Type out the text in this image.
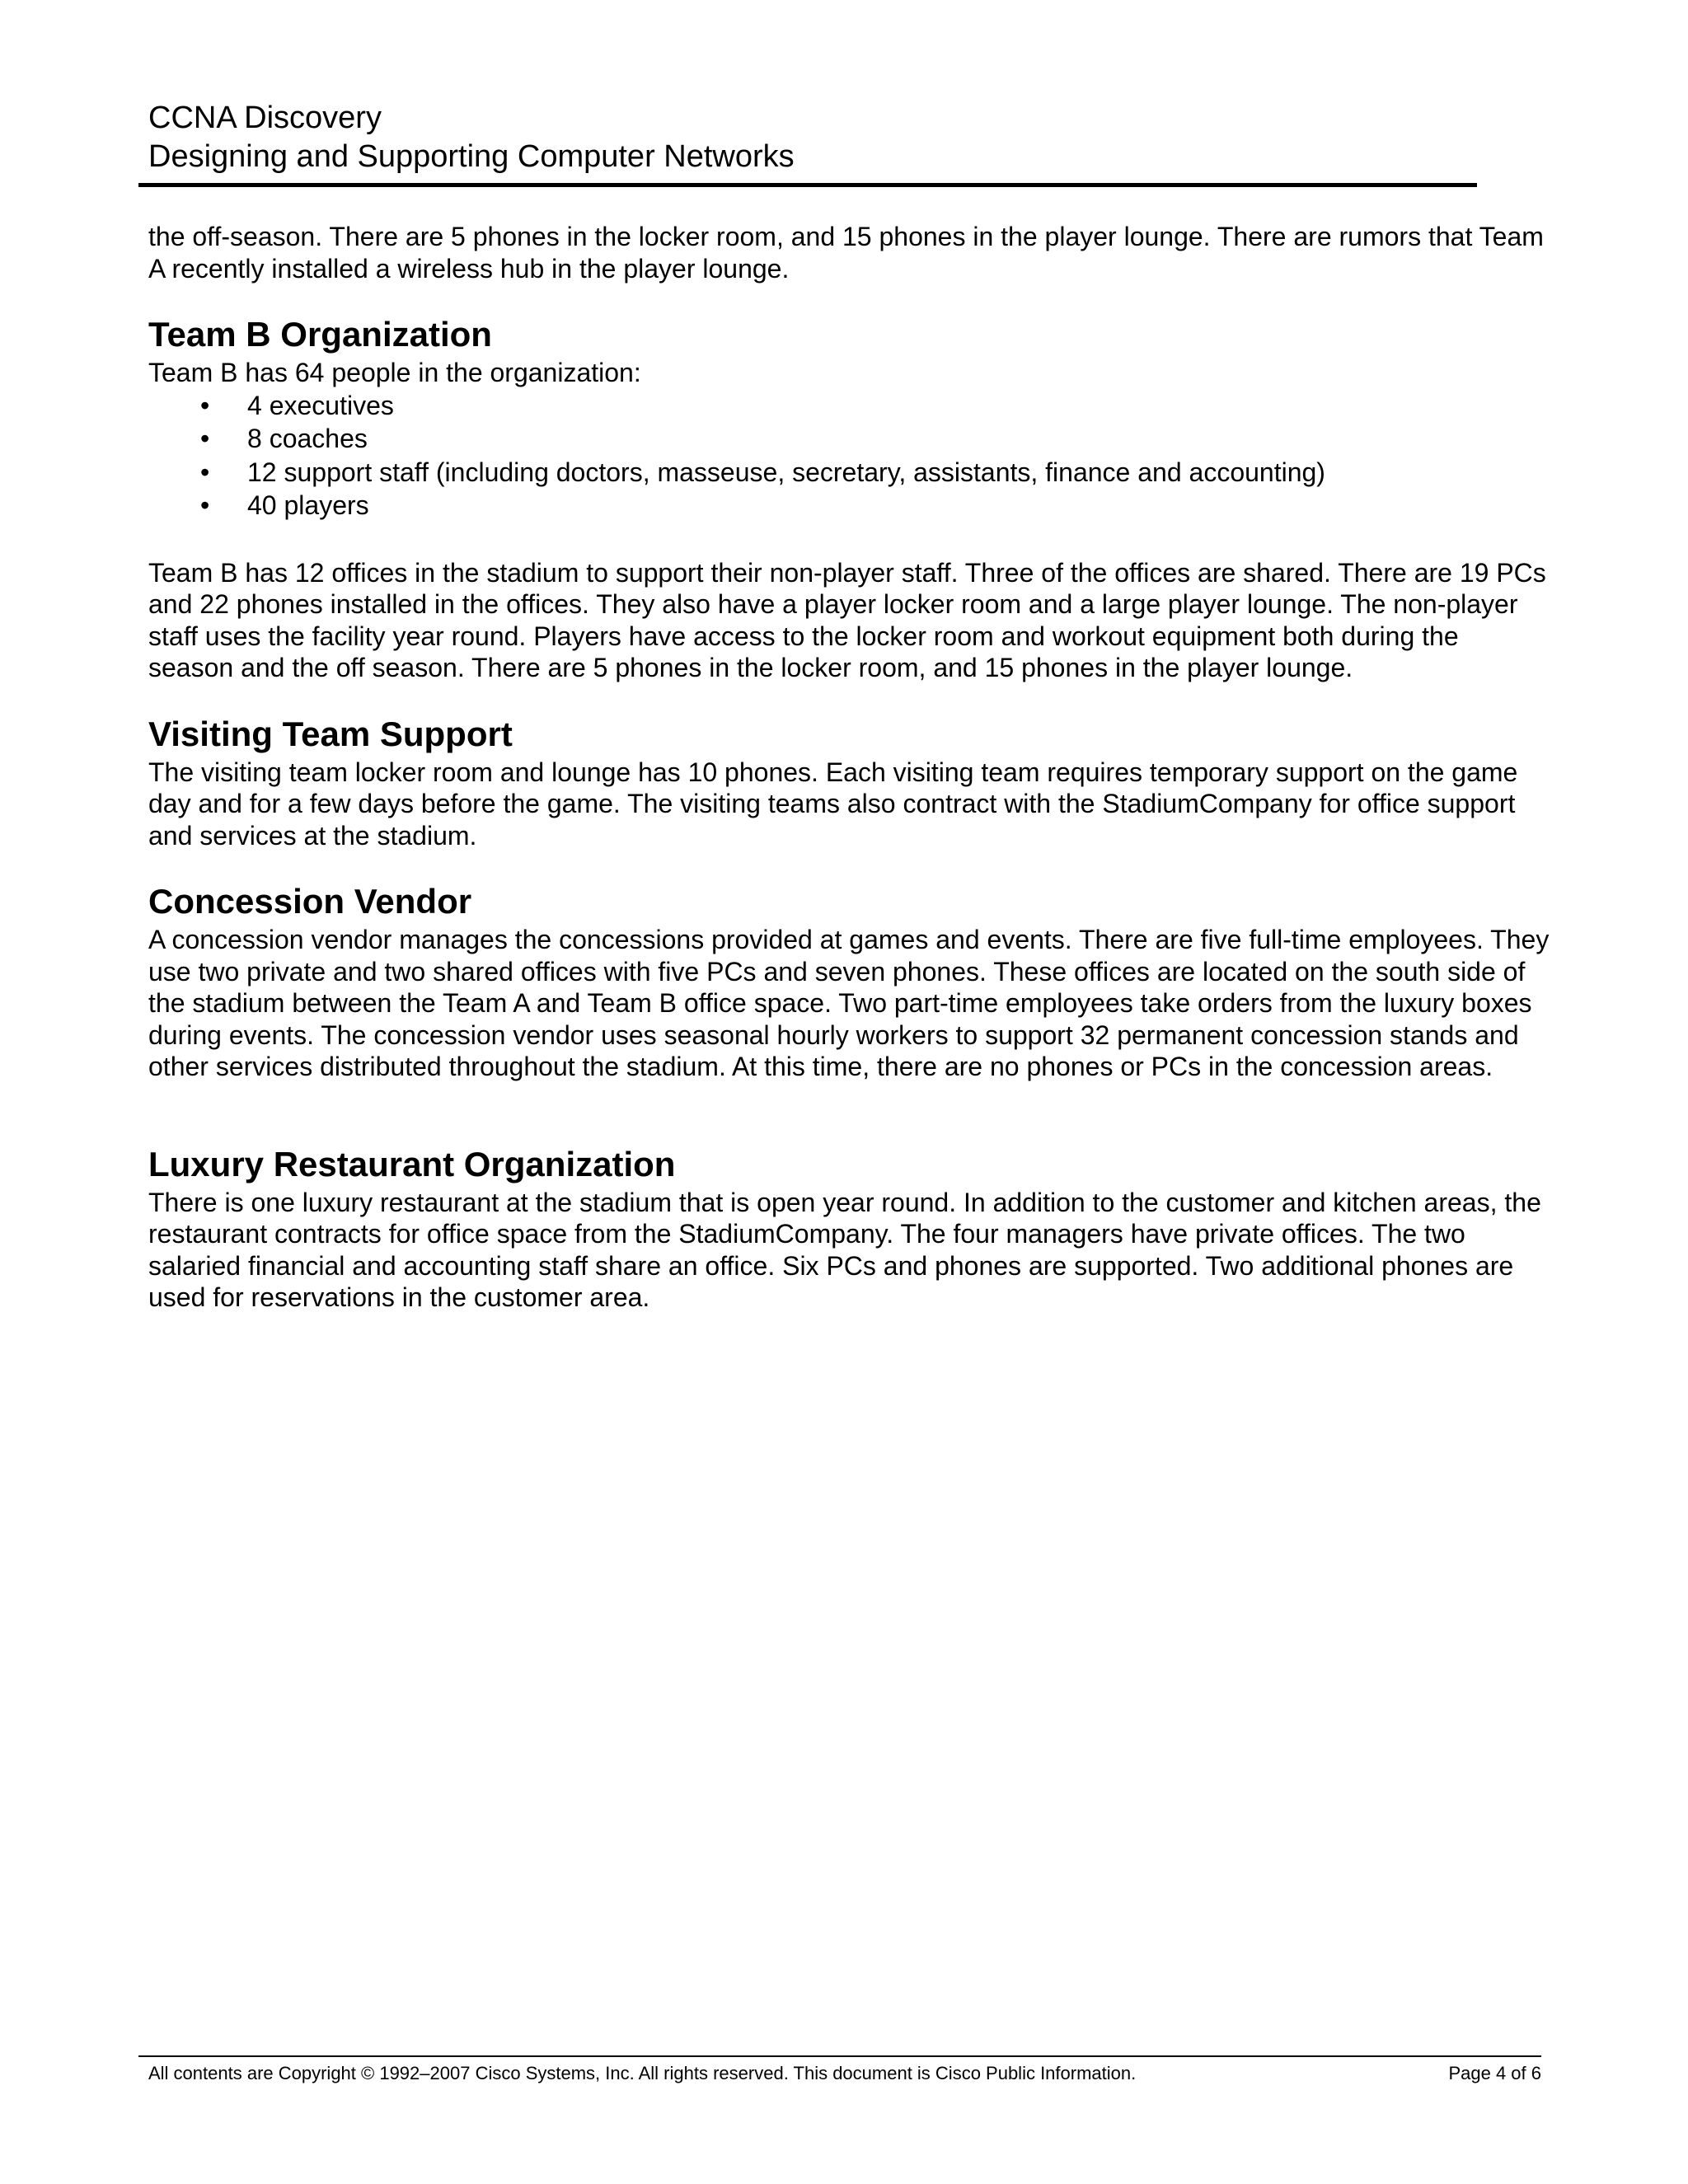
CCNA Discovery
Designing and Supporting Computer Networks

the off-season. There are 5 phones in the locker room, and 15 phones in the player lounge. There are rumors that Team A recently installed a wireless hub in the player lounge.

Team B Organization

Team B has 64 people in the organization:

• 4 executives
• 8 coaches
• 12 support staff (including doctors, masseuse, secretary, assistants, finance and accounting)
• 40 players

Team B has 12 offices in the stadium to support their non-player staff. Three of the offices are shared. There are 19 PCs and 22 phones installed in the offices. They also have a player locker room and a large player lounge. The non-player staff uses the facility year round. Players have access to the locker room and workout equipment both during the season and the off season. There are 5 phones in the locker room, and 15 phones in the player lounge.

Visiting Team Support

The visiting team locker room and lounge has 10 phones. Each visiting team requires temporary support on the game day and for a few days before the game. The visiting teams also contract with the StadiumCompany for office support and services at the stadium.

Concession Vendor

A concession vendor manages the concessions provided at games and events. There are five full-time employees. They use two private and two shared offices with five PCs and seven phones. These offices are located on the south side of the stadium between the Team A and Team B office space. Two part-time employees take orders from the luxury boxes during events. The concession vendor uses seasonal hourly workers to support 32 permanent concession stands and other services distributed throughout the stadium. At this time, there are no phones or PCs in the concession areas.

Luxury Restaurant Organization

There is one luxury restaurant at the stadium that is open year round. In addition to the customer and kitchen areas, the restaurant contracts for office space from the StadiumCompany. The four managers have private offices. The two salaried financial and accounting staff share an office. Six PCs and phones are supported. Two additional phones are used for reservations in the customer area.

All contents are Copyright © 1992–2007 Cisco Systems, Inc. All rights reserved. This document is Cisco Public Information.	Page 4 of 6
